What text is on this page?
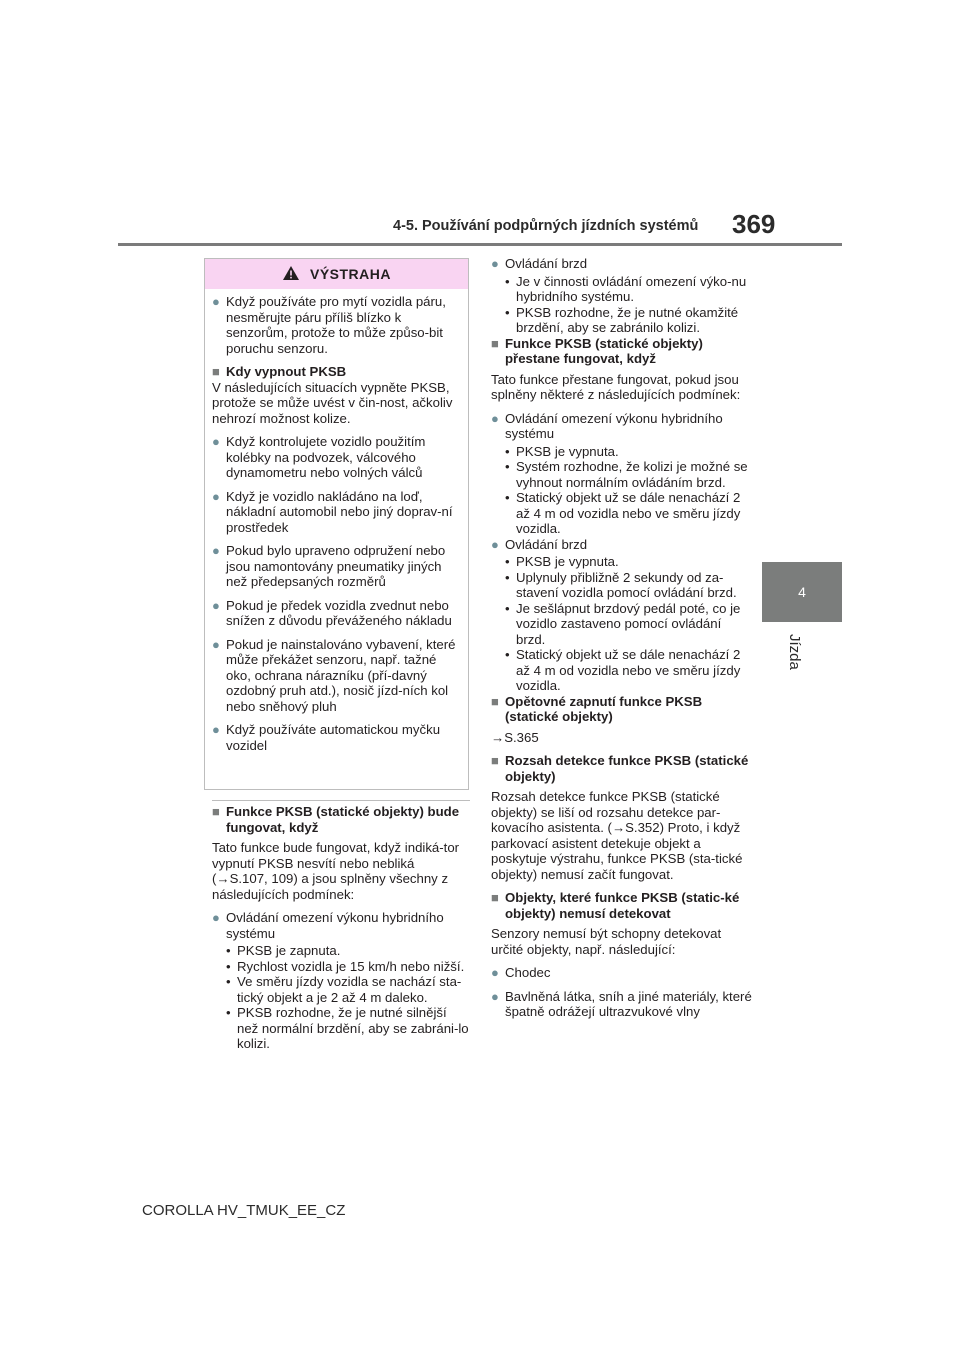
4-5. Používání podpůrných jízdních systémů 369
4
Jízda
VÝSTRAHA
● Když používáte pro mytí vozidla páru, nesměrujte páru příliš blízko k senzorům, protože to může způso-bit poruchu senzoru.
■ Kdy vypnout PKSB
V následujících situacích vypněte PKSB, protože se může uvést v čin-nost, ačkoliv nehrozí možnost kolize.
● Když kontrolujete vozidlo použitím kolébky na podvozek, válcového dynamometru nebo volných válců
● Když je vozidlo nakládáno na loď, nákladní automobil nebo jiný doprav-ní prostředek
● Pokud bylo upraveno odpružení nebo jsou namontovány pneumatiky jiných než předepsaných rozměrů
● Pokud je předek vozidla zvednut nebo snížen z důvodu převáženého nákladu
● Pokud je nainstalováno vybavení, které může překážet senzoru, např. tažné oko, ochrana nárazníku (pří-davný ozdobný pruh atd.), nosič jízd-ních kol nebo sněhový pluh
● Když používáte automatickou myčku vozidel
■ Funkce PKSB (statické objekty) bude fungovat, když
Tato funkce bude fungovat, když indiká-tor vypnutí PKSB nesvítí nebo nebliká (→S.107, 109) a jsou splněny všechny z následujících podmínek:
● Ovládání omezení výkonu hybridního systému
• PKSB je zapnuta.
• Rychlost vozidla je 15 km/h nebo nižší.
• Ve směru jízdy vozidla se nachází sta-tický objekt a je 2 až 4 m daleko.
• PKSB rozhodne, že je nutné silnější než normální brzdění, aby se zabráni-lo kolizi.
● Ovládání brzd
• Je v činnosti ovládání omezení výko-nu hybridního systému.
• PKSB rozhodne, že je nutné okamžité brzdění, aby se zabránilo kolizi.
■ Funkce PKSB (statické objekty) přestane fungovat, když
Tato funkce přestane fungovat, pokud jsou splněny některé z následujících podmínek:
● Ovládání omezení výkonu hybridního systému
• PKSB je vypnuta.
• Systém rozhodne, že kolizi je možné se vyhnout normálním ovládáním brzd.
• Statický objekt už se dále nenachází 2 až 4 m od vozidla nebo ve směru jízdy vozidla.
● Ovládání brzd
• PKSB je vypnuta.
• Uplynuly přibližně 2 sekundy od za-stavení vozidla pomocí ovládání brzd.
• Je sešlápnut brzdový pedál poté, co je vozidlo zastaveno pomocí ovládání brzd.
• Statický objekt už se dále nenachází 2 až 4 m od vozidla nebo ve směru jízdy vozidla.
■ Opětovné zapnutí funkce PKSB (statické objekty)
→S.365
■ Rozsah detekce funkce PKSB (statické objekty)
Rozsah detekce funkce PKSB (statické objekty) se liší od rozsahu detekce par-kovacího asistenta. (→S.352) Proto, i když parkovací asistent detekuje objekt a poskytuje výstrahu, funkce PKSB (sta-tické objekty) nemusí začít fungovat.
■ Objekty, které funkce PKSB (static-ké objekty) nemusí detekovat
Senzory nemusí být schopny detekovat určité objekty, např. následující:
● Chodec
● Bavlněná látka, sníh a jiné materiály, které špatně odrážejí ultrazvukové vlny
COROLLA HV_TMUK_EE_CZ
